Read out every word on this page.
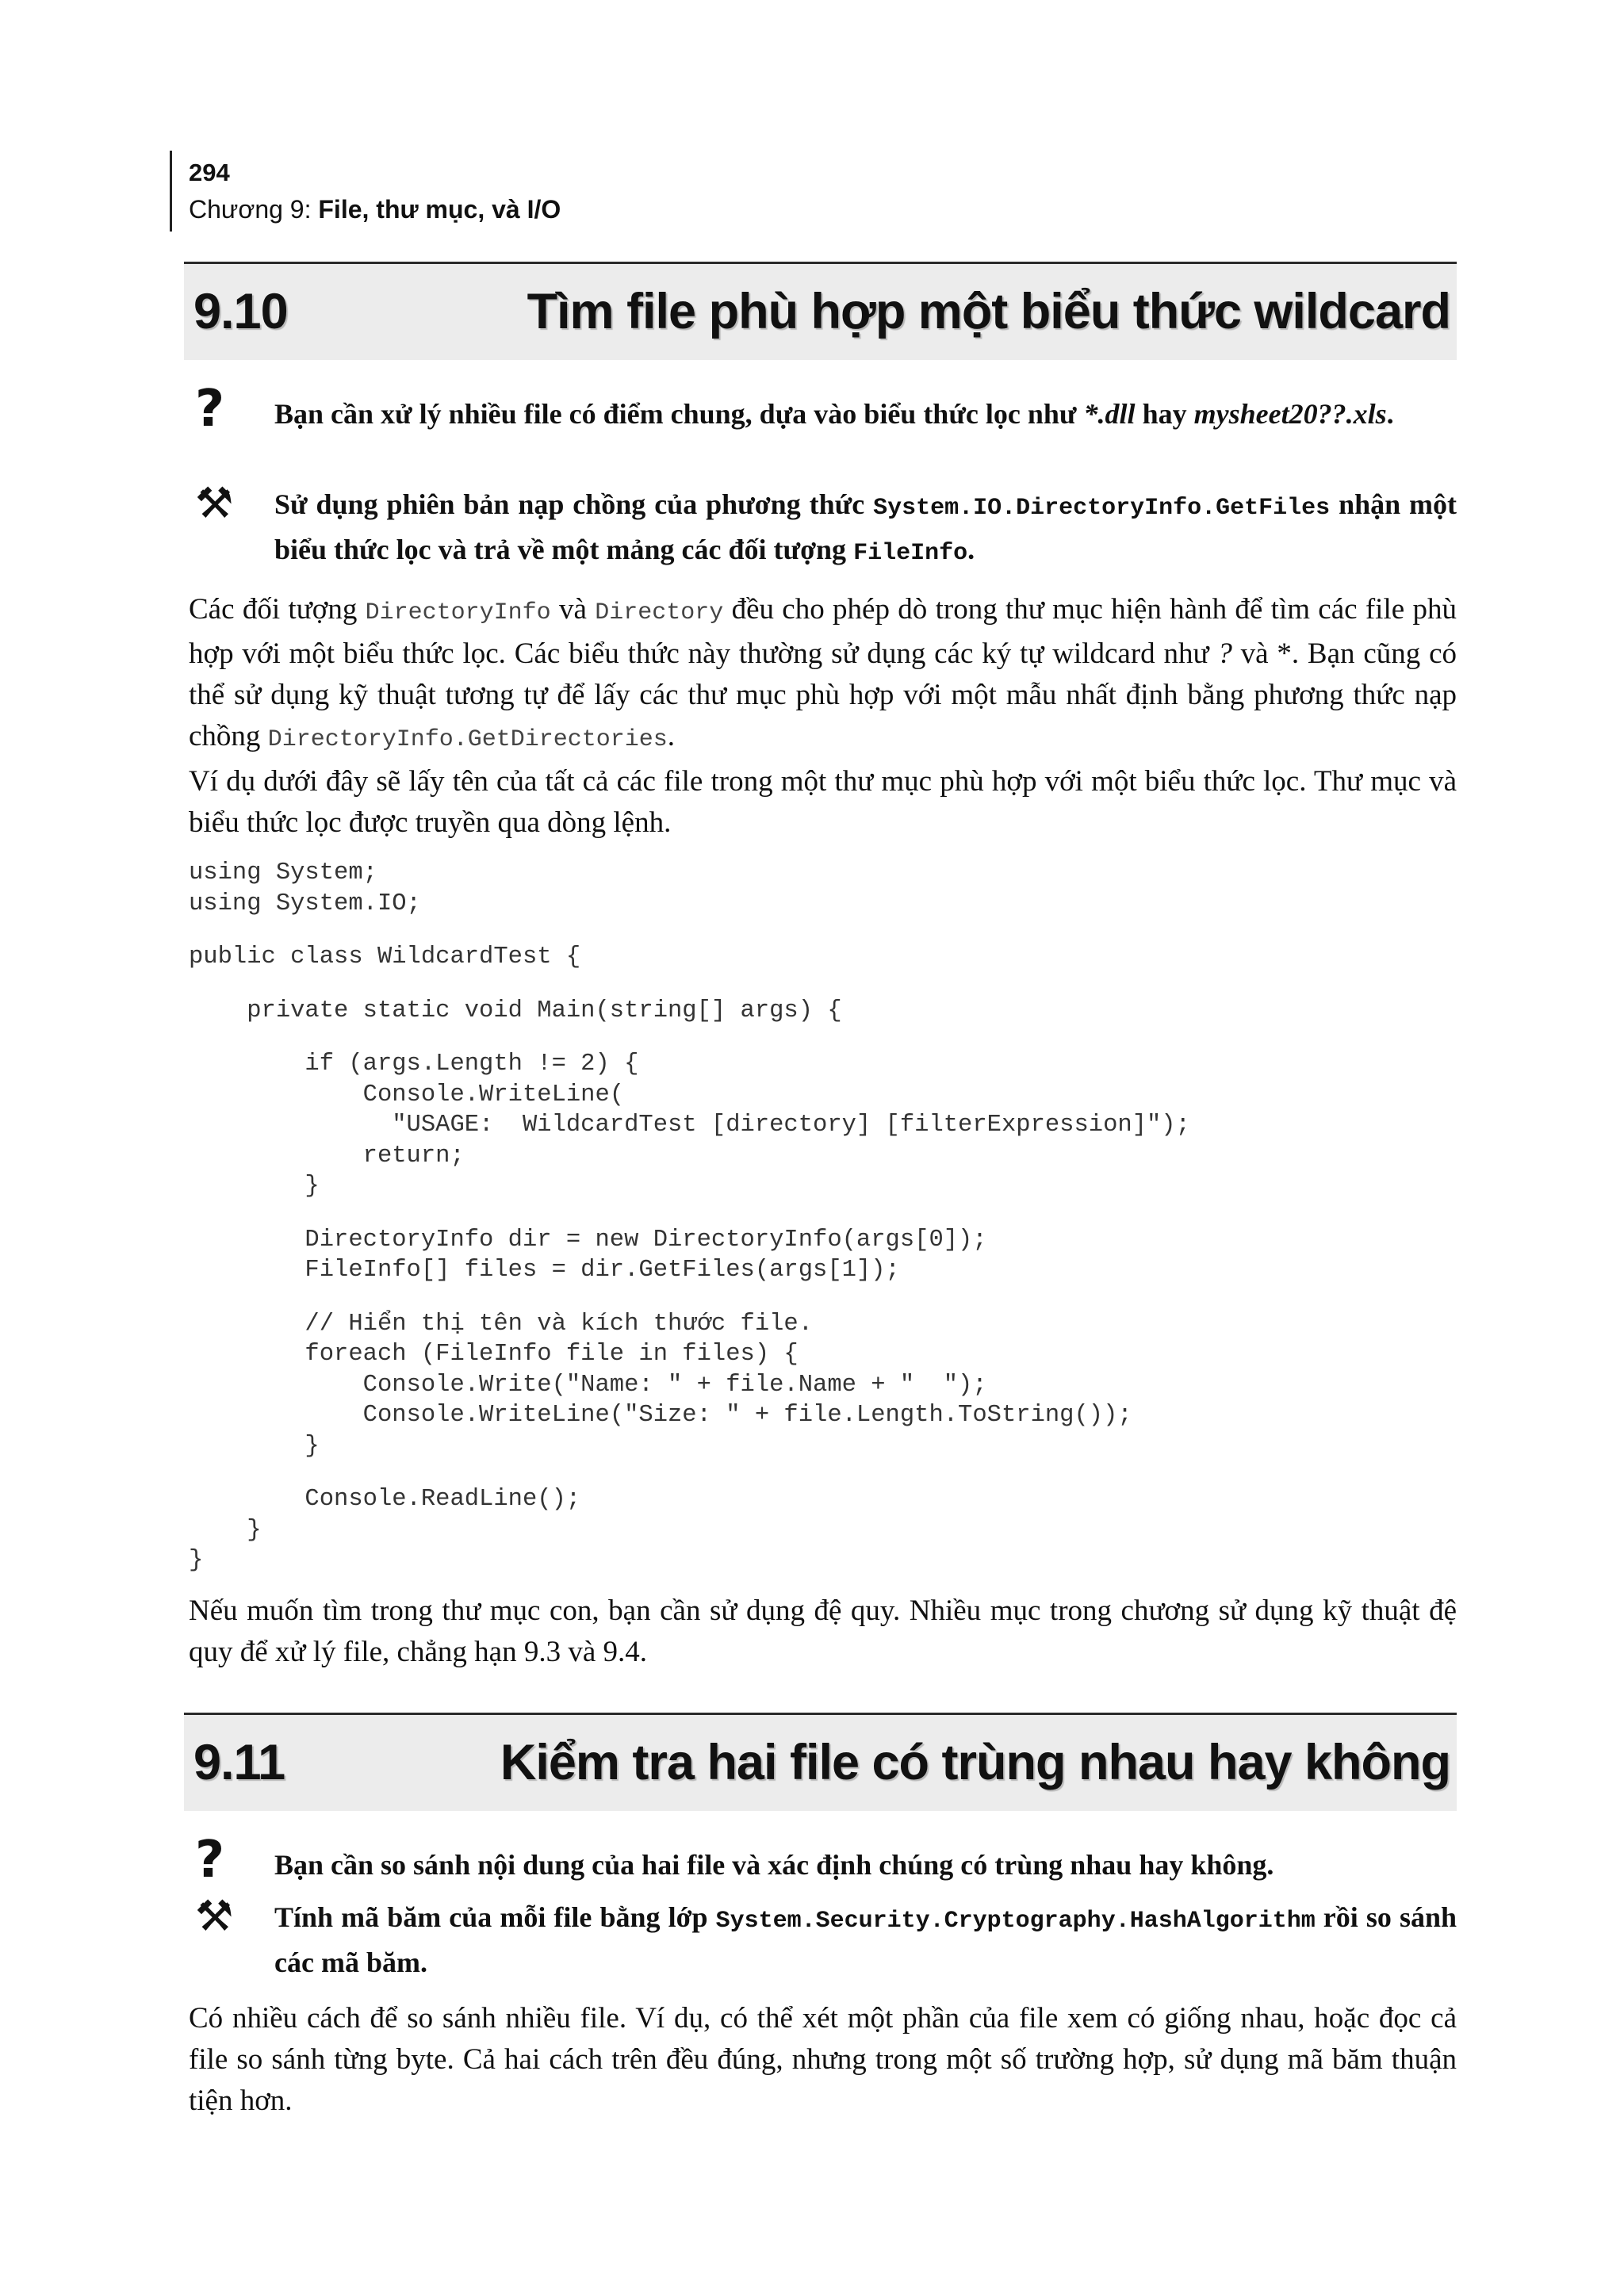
294
Chương 9: File, thư mục, và I/O
9.10	Tìm file phù hợp một biểu thức wildcard
? Bạn cần xử lý nhiều file có điểm chung, dựa vào biểu thức lọc như *.dll hay mysheet20??.xls.
⚒ Sử dụng phiên bản nạp chồng của phương thức System.IO.DirectoryInfo.GetFiles nhận một biểu thức lọc và trả về một mảng các đối tượng FileInfo.
Các đối tượng DirectoryInfo và Directory đều cho phép dò trong thư mục hiện hành để tìm các file phù hợp với một biểu thức lọc. Các biểu thức này thường sử dụng các ký tự wildcard như ? và *. Bạn cũng có thể sử dụng kỹ thuật tương tự để lấy các thư mục phù hợp với một mẫu nhất định bằng phương thức nạp chồng DirectoryInfo.GetDirectories.
Ví dụ dưới đây sẽ lấy tên của tất cả các file trong một thư mục phù hợp với một biểu thức lọc. Thư mục và biểu thức lọc được truyền qua dòng lệnh.
using System;
using System.IO;
public class WildcardTest {
private static void Main(string[] args) {
if (args.Length != 2) {
Console.WriteLine(
"USAGE:  WildcardTest [directory] [filterExpression]");
return;
}
DirectoryInfo dir = new DirectoryInfo(args[0]);
FileInfo[] files = dir.GetFiles(args[1]);
// Hiển thị tên và kích thước file.
foreach (FileInfo file in files) {
Console.Write("Name: " + file.Name + "  ");
Console.WriteLine("Size: " + file.Length.ToString());
}
Console.ReadLine();
}
}
Nếu muốn tìm trong thư mục con, bạn cần sử dụng đệ quy. Nhiều mục trong chương sử dụng kỹ thuật đệ quy để xử lý file, chẳng hạn 9.3 và 9.4.
9.11	Kiểm tra hai file có trùng nhau hay không
? Bạn cần so sánh nội dung của hai file và xác định chúng có trùng nhau hay không.
⚒ Tính mã băm của mỗi file bằng lớp System.Security.Cryptography.HashAlgorithm rồi so sánh các mã băm.
Có nhiều cách để so sánh nhiều file. Ví dụ, có thể xét một phần của file xem có giống nhau, hoặc đọc cả file so sánh từng byte. Cả hai cách trên đều đúng, nhưng trong một số trường hợp, sử dụng mã băm thuận tiện hơn.
